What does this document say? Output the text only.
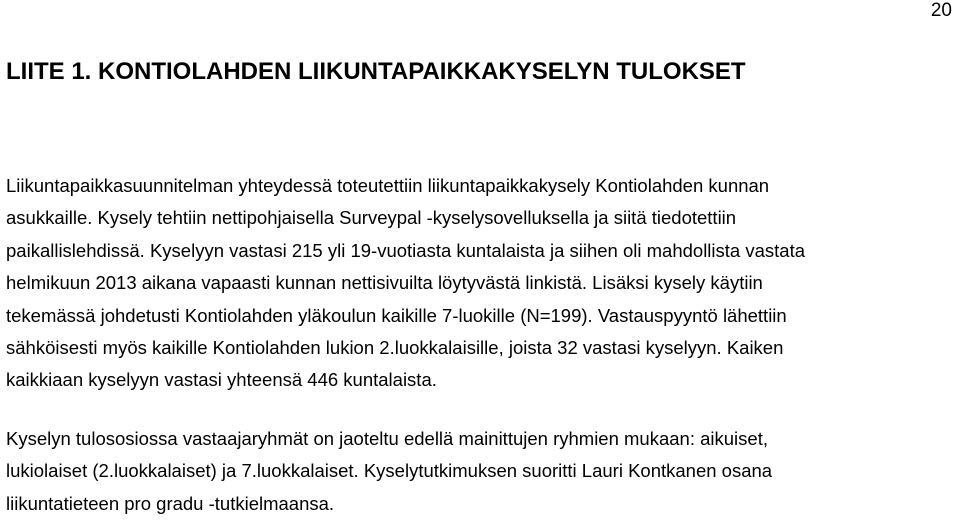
20
LIITE 1. KONTIOLAHDEN LIIKUNTAPAIKKAKYSELYN TULOKSET
Liikuntapaikkasuunnitelman yhteydessä toteutettiin liikuntapaikkakysely Kontiolahden kunnan
asukkaille. Kysely tehtiin nettipohjaisella Surveypal -kyselysovelluksella ja siitä tiedotettiin
paikallislehdissä. Kyselyyn vastasi 215 yli 19-vuotiasta kuntalaista ja siihen oli mahdollista vastata
helmikuun 2013 aikana vapaasti kunnan nettisivuilta löytyvästä linkistä. Lisäksi kysely käytiin
tekemässä johdetusti Kontiolahden yläkoulun kaikille 7-luokille (N=199). Vastauspyyntö lähettiin
sähköisesti myös kaikille Kontiolahden lukion 2.luokkalaisille, joista 32 vastasi kyselyyn. Kaiken
kaikkiaan kyselyyn vastasi yhteensä 446 kuntalaista.
Kyselyn tulososiossa vastaajaryhmät on jaoteltu edellä mainittujen ryhmien mukaan: aikuiset,
lukiolaiset (2.luokkalaiset) ja 7.luokkalaiset. Kyselytutkimuksen suoritti Lauri Kontkanen osana
liikuntatieteen pro gradu -tutkielmaansa.
